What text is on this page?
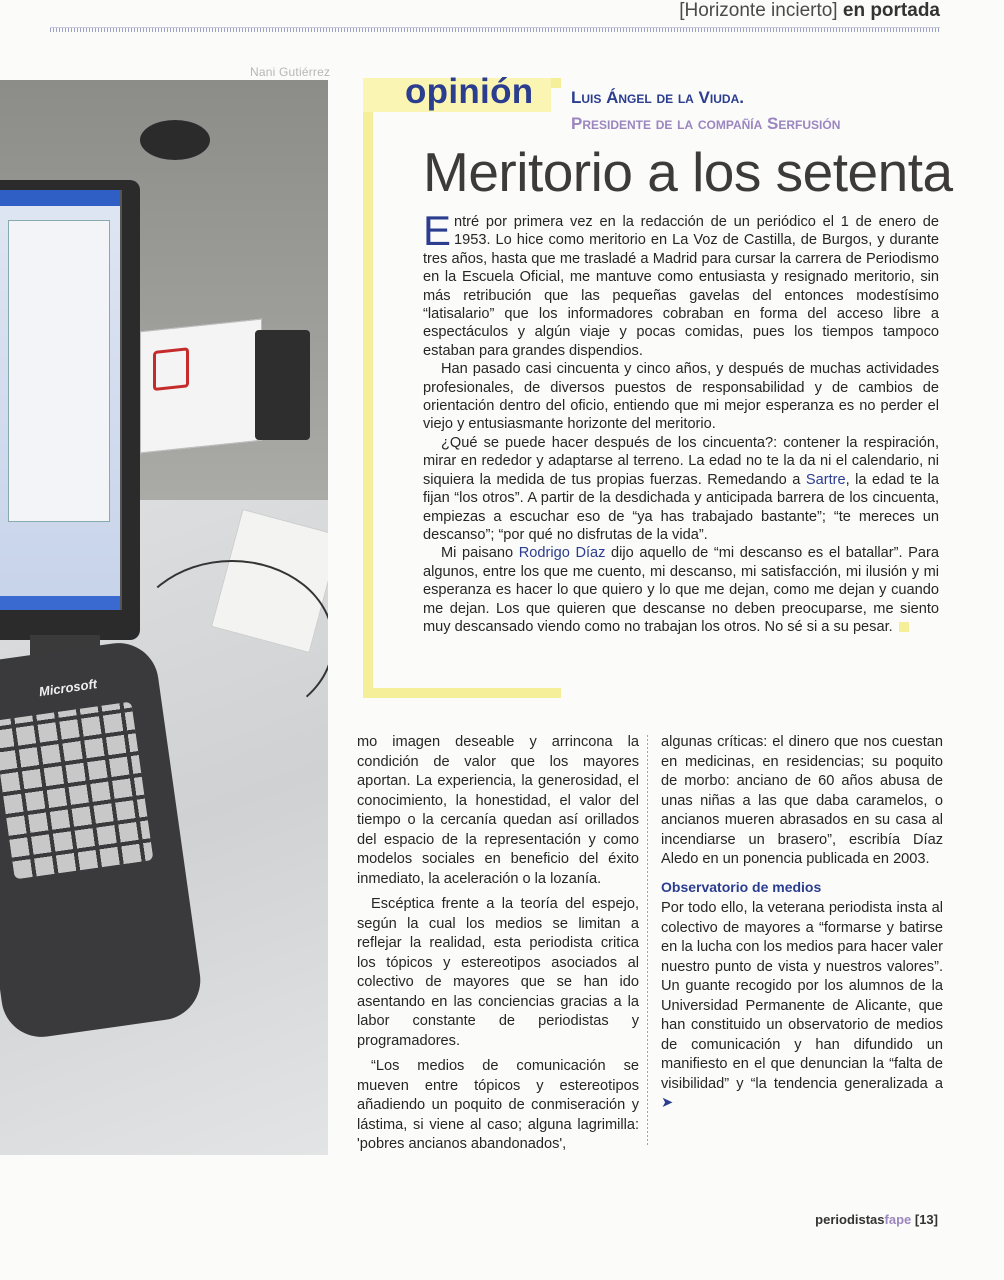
[Horizonte incierto] en portada
Microsoft
Nani Gutiérrez opinión Luis Ángel de la Viuda.
Presidente de la compañía Serfusión
Meritorio a los setenta

Entré por primera vez en la redacción de un periódico el 1 de enero de 1953. Lo hice como meritorio en La Voz de Castilla, de Burgos, y durante tres años, hasta que me trasladé a Madrid para cursar la carrera de Periodismo en la Escuela Oficial, me mantuve como entusiasta y resignado meritorio, sin más retribución que las pequeñas gavelas del entonces modestísimo “latisalario” que los informadores cobraban en forma del acceso libre a espectáculos y algún viaje y pocas comidas, pues los tiempos tampoco estaban para grandes dispendios.

Han pasado casi cincuenta y cinco años, y después de muchas actividades profesionales, de diversos puestos de responsabilidad y de cambios de orientación dentro del oficio, entiendo que mi mejor esperanza es no perder el viejo y entusiasmante horizonte del meritorio.

¿Qué se puede hacer después de los cincuenta?: contener la respiración, mirar en rededor y adaptarse al terreno. La edad no te la da ni el calendario, ni siquiera la medida de tus propias fuerzas. Remedando a Sartre, la edad te la fijan “los otros”. A partir de la desdichada y anticipada barrera de los cincuenta, empiezas a escuchar eso de “ya has trabajado bastante”; “te mereces un descanso”; “por qué no disfrutas de la vida”.

Mi paisano Rodrigo Díaz dijo aquello de “mi descanso es el batallar”. Para algunos, entre los que me cuento, mi descanso, mi satisfacción, mi ilusión y mi esperanza es hacer lo que quiero y lo que me dejan, como me dejan y cuando me dejan. Los que quieren que descanse no deben preocuparse, me siento muy descansado viendo como no trabajan los otros. No sé si a su pesar.

mo imagen deseable y arrincona la condición de valor que los mayores aportan. La experiencia, la generosidad, el conocimiento, la honestidad, el valor del tiempo o la cercanía quedan así orillados del espacio de la representación y como modelos sociales en beneficio del éxito inmediato, la aceleración o la lozanía.

Escéptica frente a la teoría del espejo, según la cual los medios se limitan a reflejar la realidad, esta periodista critica los tópicos y estereotipos asociados al colectivo de mayores que se han ido asentando en las conciencias gracias a la labor constante de periodistas y programadores.

“Los medios de comunicación se mueven entre tópicos y estereotipos añadiendo un poquito de conmiseración y lástima, si viene al caso; alguna lagrimilla: 'pobres ancianos abandonados',

algunas críticas: el dinero que nos cuestan en medicinas, en residencias; su poquito de morbo: anciano de 60 años abusa de unas niñas a las que daba caramelos, o ancianos mueren abrasados en su casa al incendiarse un brasero”, escribía Díaz Aledo en un ponencia publicada en 2003.

Observatorio de medios

Por todo ello, la veterana periodista insta al colectivo de mayores a “formarse y batirse en la lucha con los medios para hacer valer nuestro punto de vista y nuestros valores”. Un guante recogido por los alumnos de la Universidad Permanente de Alicante, que han constituido un observatorio de medios de comunicación y han difundido un manifiesto en el que denuncian la “falta de visibilidad” y “la tendencia generalizada a ➤

periodistasfape [13]
